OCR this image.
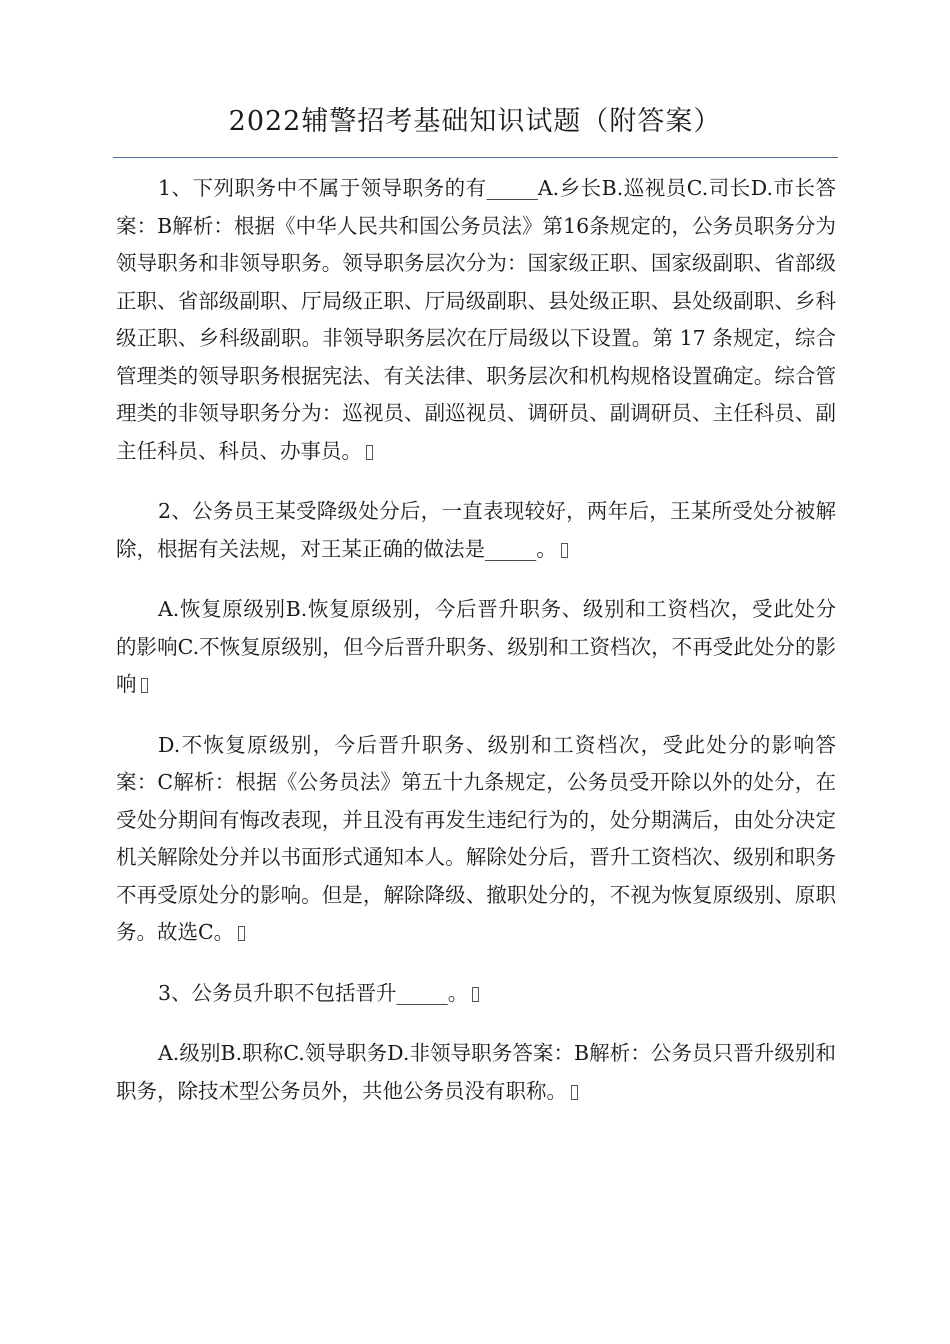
2022辅警招考基础知识试题（附答案）

1、下列职务中不属于领导职务的有_____A.乡长B.巡视员C.司长D.市长答案：B解析：根据《中华人民共和国公务员法》第16条规定的，公务员职务分为领导职务和非领导职务。领导职务层次分为：国家级正职、国家级副职、省部级正职、省部级副职、厅局级正职、厅局级副职、县处级正职、县处级副职、乡科级正职、乡科级副职。非领导职务层次在厅局级以下设置。第 17 条规定，综合管理类的领导职务根据宪法、有关法律、职务层次和机构规格设置确定。综合管理类的非领导职务分为：巡视员、副巡视员、调研员、副调研员、主任科员、副主任科员、科员、办事员。

2、公务员王某受降级处分后，一直表现较好，两年后，王某所受处分被解除，根据有关法规，对王某正确的做法是_____。

A.恢复原级别B.恢复原级别，今后晋升职务、级别和工资档次，受此处分的影响C.不恢复原级别，但今后晋升职务、级别和工资档次，不再受此处分的影响

D.不恢复原级别，今后晋升职务、级别和工资档次，受此处分的影响答案：C解析：根据《公务员法》第五十九条规定，公务员受开除以外的处分，在受处分期间有悔改表现，并且没有再发生违纪行为的，处分期满后，由处分决定机关解除处分并以书面形式通知本人。解除处分后，晋升工资档次、级别和职务不再受原处分的影响。但是，解除降级、撤职处分的，不视为恢复原级别、原职务。故选C。

3、公务员升职不包括晋升_____。

A.级别B.职称C.领导职务D.非领导职务答案：B解析：公务员只晋升级别和职务，除技术型公务员外，共他公务员没有职称。
